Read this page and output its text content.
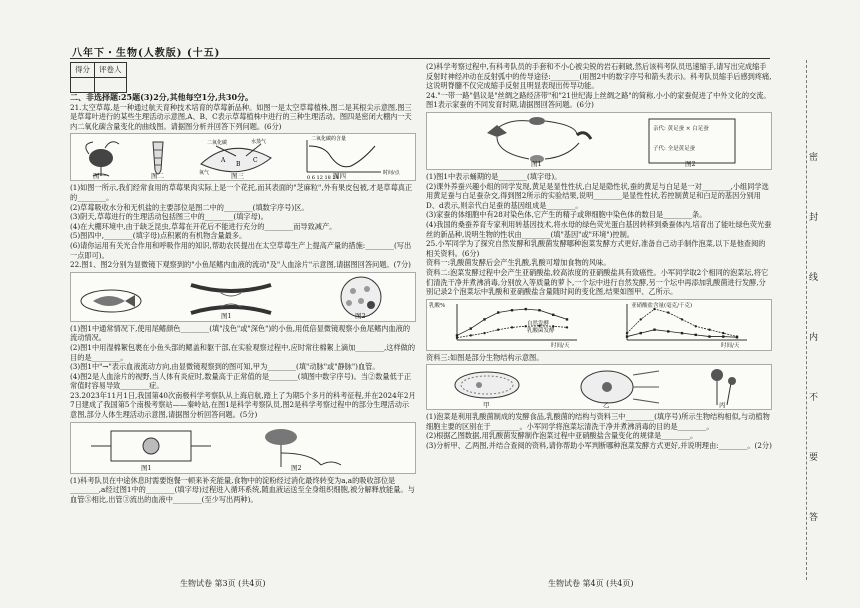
八年下・生物(人教版) (十五)
得分	评卷人

二、非选择题:25题(3)2分,其他每空1分,共30分。

21.太空草莓,是一种通过航天育种技术培育的草莓新品种。如图一是太空草莓植株,图二是其根尖示意图,图三是草莓叶进行的某些生理活动示意图,A、B、C表示草莓植株中进行的三种生理活动。图四是密闭大棚内一天内二氧化碳含量变化的曲线图。请据图分析并回答下列问题。(6分)

二氧化碳	水蒸气
氧气
A
B
C
二氧化碳的含量
0 6 12 18 24
时间/点
图一	图二	图三	图四

(1)如图一所示,我们经常食用的草莓果肉实际上是一个花托,而其表面的"芝麻粒",外有果皮包被,才是草莓真正的________。

(2)草莓吸收水分和无机盐的主要部位是图二中的________(填数字序号)区。

(3)阴天,草莓进行的生理活动包括图三中的________(填字母)。

(4)在大棚环境中,由于缺乏昆虫,草莓在开花后不能进行充分的________而导致减产。

(5)图四中,________(填字母)点积累的有机物含量最多。

(6)请你运用有关光合作用和呼吸作用的知识,帮助农民提出在太空草莓生产上提高产量的措施:________(写出一点即可)。

22.图1、图2分别为显微镜下观察到的"小鱼尾鳍内血液的流动"及"人血涂片"示意图,请据图回答问题。(7分)

图1	图2

(1)图1中通常情况下,使用尾鳍颜色________(填"浅色"或"深色")的小鱼,用低倍显微镜观察小鱼尾鳍内血液的流动情况。

(2)图1中用湿棉絮包裹在小鱼头部的鳃盖和躯干部,在实验观察过程中,应时常往棉絮上滴加________,这样做的目的是________。

(3)图1中"→"表示血液流动方向,由显微镜观察到的图可知,甲为________(填"动脉"或"静脉")血管。

(4)图2是人血涂片的视野,当人体有炎症时,数量高于正常值的是________(填图中数字序号)。当②数量低于正常值时容易导致________症。

23.2023年11月1日,我国第40次南极科学考察队从上海启航,踏上了为期5个多月的科考征程,并在2024年2月7日建成了我国第5个南极考察站——秦岭站,在图1是科学考察队员,图2是科学考察过程中的部分生理活动示意图,部分人体生理活动示意图,请据图分析回答问题。(5分)

图1	图2

(1)科考队员在中途休息时需要饱餐一顿来补充能量,食物中的淀粉经过消化最终转变为a,a的吸收部位是________,a经过图1中的________(填字母)过程进入循环系统,随血液运送至全身组织细胞,被分解释放能量。与血管⑤相比,出管③流出的血液中________(至少写出两种)。

(2)科学考察过程中,有科考队员的手套和不小心被尖锐的岩石刺破,然后该科考队员迅速缩手,请写出完成缩手反射时神经冲动在反射弧中的传导途径:________(用图2中的数字序号和箭头表示)。科考队员缩手后感到疼痛,这说明脊髓不仅完成缩手反射且明显表现出传导功能。

24."一带一路"倡议是"丝绸之路经济带"和"21世纪海上丝绸之路"的简称,小小的家蚕促进了中外文化的交流。图1表示家蚕的不同发育时期,请据图回答问题。(6分)

图1	图2
亲代: 黄足蚕 × 白足蚕
子代: 全是黄足蚕

(1)图1中表示蛹期的是________(填字母)。

(2)课外养蚕兴趣小组的同学发现,黄足是显性性状,白足是隐性状,蚕的黄足与白足是一对________,小组同学选用黄足蚕与白足蚕杂交,得到图2所示的实验结果,说明________是显性性状,若控制黄足和白足的基因分别用D、d表示,则亲代白足蚕的基因组成是________。

(3)家蚕的体细胞中有28对染色体,它产生的精子或卵细胞中染色体的数目是________条。

(4)我国的桑蚕养育专家利用转基因技术,将水母的绿色荧光蛋白基因转移到桑蚕体内,培育出了能吐绿色荧光蚕丝的新品种,说明生物的性状由________(填"基因"或"环境")控制。

25.小军同学为了探究自然发酵和乳酸菌发酵哪种泡菜发酵方式更好,准备自己动手制作泡菜,以下是他查阅的相关资料。(6分)

资料一:乳酸菌发酵后会产生乳酸,乳酸可增加食物的风味。

资料二:泡菜发酵过程中会产生亚硝酸盐,较高浓度的亚硝酸盐具有致癌性。小军同学取2个相同的泡菜坛,将它们清洗干净并煮沸消毒,分别放入等质量的萝卜,一个坛中进行自然发酵,另一个坛中再添加乳酸菌进行发酵,分别记录2个泡菜坛中乳酸和亚硝酸盐含量随时间的变化图,结果如图甲、乙所示。

乳酸%	亚硝酸盐含量(毫克/千克)
自然发酵
乳酸菌发酵
时间/天	时间/天

资料三:如图是部分生物结构示意图。

甲	乙	丙

(1)泡菜是利用乳酸菌制成的发酵食品,乳酸菌的结构与资料三中________(填序号)所示生物结构相似,与动植物细胞主要的区别在于________。小军同学将泡菜坛清洗干净并煮沸消毒的目的是________。

(2)根据乙图数据,用乳酸菌发酵制作泡菜过程中亚硝酸盐含量变化的规律是________。

(3)分析甲、乙两图,并结合查阅的资料,请你帮助小军判断哪种泡菜发酵方式更好,并说明理由:________。(2分)

生物试卷 第3页 (共4页)	生物试卷 第4页 (共4页)
密
封
线
内
不
要
答
